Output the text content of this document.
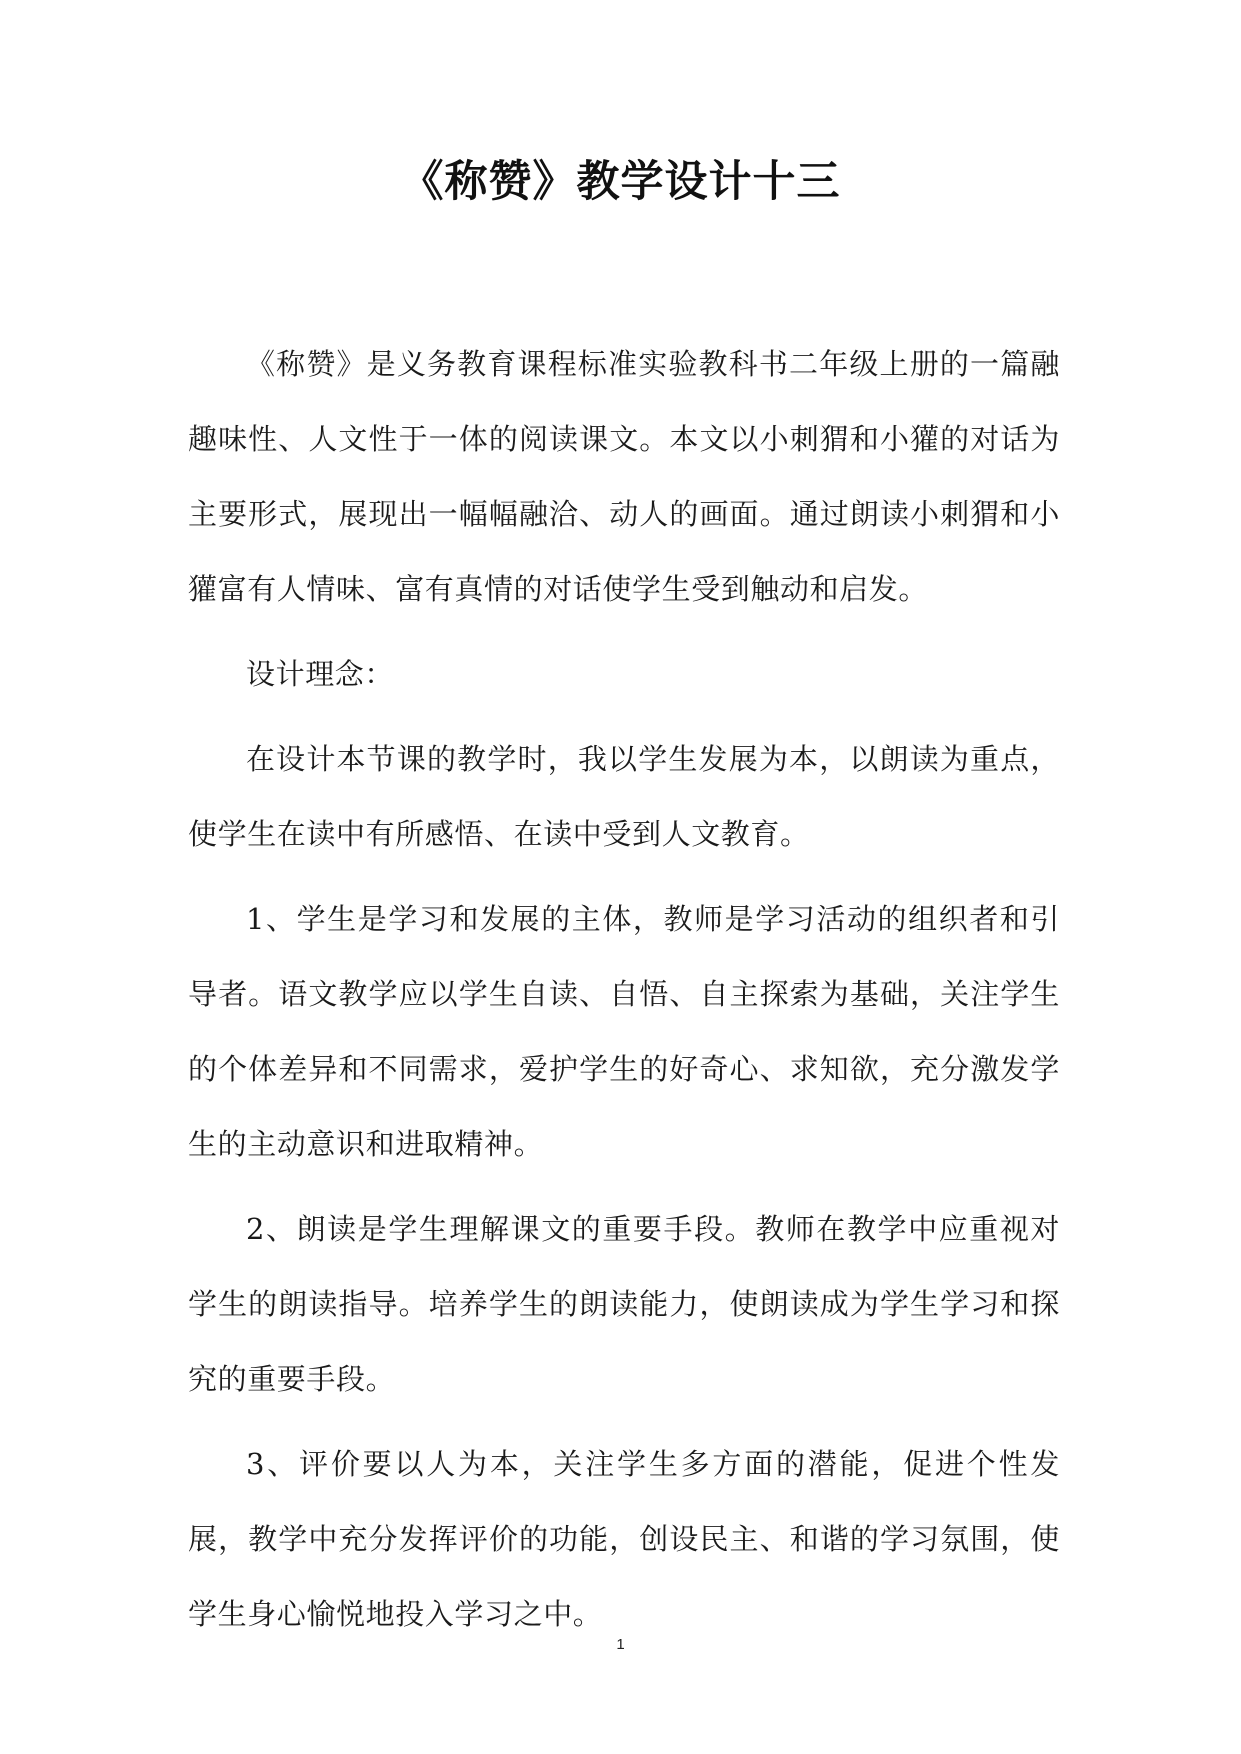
《称赞》教学设计十三

《称赞》是义务教育课程标准实验教科书二年级上册的一篇融趣味性、人文性于一体的阅读课文。本文以小刺猬和小獾的对话为主要形式，展现出一幅幅融洽、动人的画面。通过朗读小刺猬和小獾富有人情味、富有真情的对话使学生受到触动和启发。

设计理念：

在设计本节课的教学时，我以学生发展为本，以朗读为重点，使学生在读中有所感悟、在读中受到人文教育。

1、学生是学习和发展的主体，教师是学习活动的组织者和引导者。语文教学应以学生自读、自悟、自主探索为基础，关注学生的个体差异和不同需求，爱护学生的好奇心、求知欲，充分激发学生的主动意识和进取精神。

2、朗读是学生理解课文的重要手段。教师在教学中应重视对学生的朗读指导。培养学生的朗读能力，使朗读成为学生学习和探究的重要手段。

3、评价要以人为本，关注学生多方面的潜能，促进个性发展，教学中充分发挥评价的功能，创设民主、和谐的学习氛围，使学生身心愉悦地投入学习之中。

1
